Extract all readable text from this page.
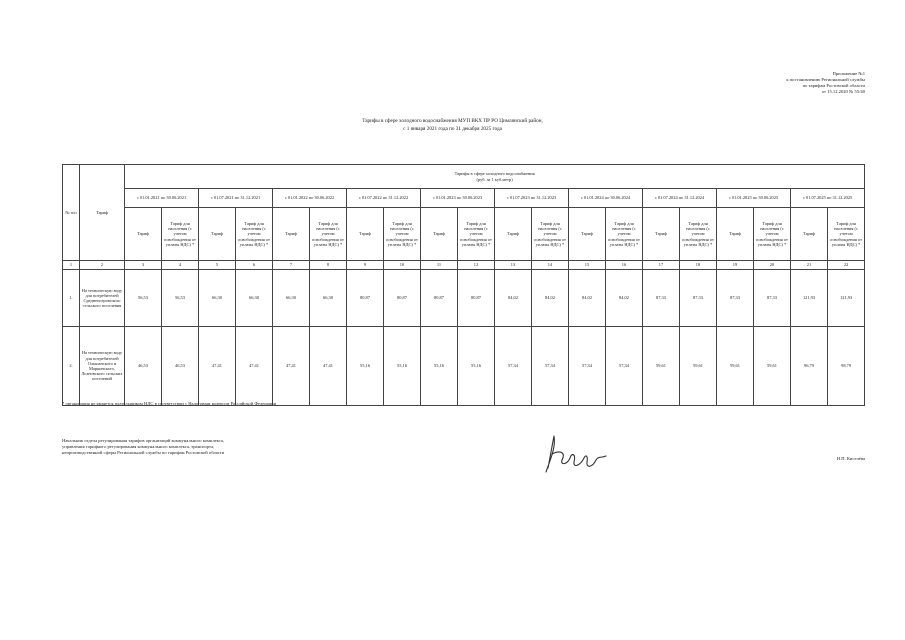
Приложение №1
к постановлению Региональной службы
по тарифам Ростовской области
от 15.12.2020 № 55/40
Тарифы в сфере холодного водоснабжения МУП ВКХ ПР РО Цимлянский район,
с 1 января 2021 года по 31 декабря 2025 года
№ п/п	Тариф	Тарифы в сфере холодного водоснабжения
(руб. за 1 куб.метр)																			

		с 01.01.2021 по 30.06.2021		с 01.07.2021 по 31.12.2021		с 01.01.2022 по 30.06.2022		с 01.07.2022 по 31.12.2022		с 01.01.2023 по 30.06.2023		с 01.07.2023 по 31.12.2023		с 01.01.2024 по 30.06.2024		с 01.07.2024 по 31.12.2024		с 01.01.2025 по 30.06.2025		с 01.07.2025 по 31.12.2025	
		Тариф	Тариф для населения (с учетом освобождения от уплаты НДС) *	Тариф	Тариф для населения (с учетом освобождения от уплаты НДС) *	Тариф	Тариф для населения (с учетом освобождения от уплаты НДС) *	Тариф	Тариф для населения (с учетом освобождения от уплаты НДС) *	Тариф	Тариф для населения (с учетом освобождения от уплаты НДС) *	Тариф	Тариф для населения (с учетом освобождения от уплаты НДС) *	Тариф	Тариф для населения (с учетом освобождения от уплаты НДС) *	Тариф	Тариф для населения (с учетом освобождения от уплаты НДС) *	Тариф	Тариф для населения (с учетом освобождения от уплаты НДС) *	Тариф	Тариф для населения (с учетом освобождения от уплаты НДС) *
1	2	3	4	5	6	7	8	9	10	11	12	13	14	15	16	17	18	19	20	21	22
1.	На техническую воду для потребителей Среднепогромского сельского поселения	56,53	56,53	66,30	66,30	66,30	66,30	80,87	80,87	80,87	80,87	84,02	84,02	84,02	84,02	87,33	87,33	87,33	87,33	121,93	121,93
2.	На техническую воду для потребителей Ольшанского и Маркинского, Лозновского сельских поселений	46,53	46,53	47,41	47,41	47,41	47,41	55,16	55,16	55,16	55,16	57,34	57,34	57,34	57,34	59,61	59,61	59,61	59,61	96,79	98,79
* организация не является плательщиком НДС в соответствии с Налоговым кодексом Российской Федерации
Начальник отдела регулирования тарифов организаций коммунального комплекса,
управления тарифного регулирования коммунального комплекса, транспорта,
непроизводственной сферы Региональной службы по тарифам Ростовской области
Н.П. Киселёва
